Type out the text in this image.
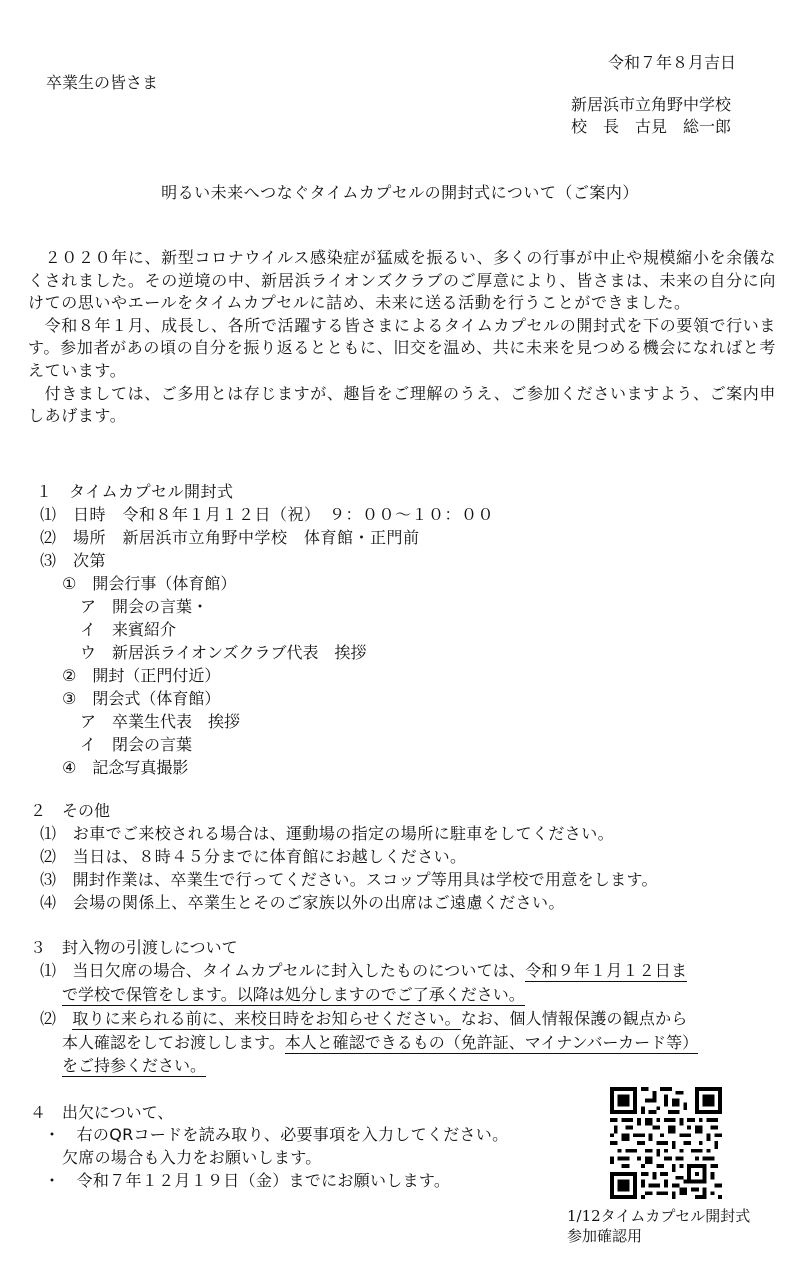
令和７年８月吉日
卒業生の皆さま
新居浜市立角野中学校
校　長　 古見　総一郎
明るい未来へつなぐタイムカプセルの開封式について（ご案内）
　２０２０年に、新型コロナウイルス感染症が猛威を振るい、多くの行事が中止や規模縮小を余儀なくされました。その逆境の中、新居浜ライオンズクラブのご厚意により、皆さまは、未来の自分に向けての思いやエールをタイムカプセルに詰め、未来に送る活動を行うことができました。
　令和８年１月、成長し、各所で活躍する皆さまによるタイムカプセルの開封式を下の要領で行います。参加者があの頃の自分を振り返るとともに、旧交を温め、共に未来を見つめる機会になればと考えています。
　付きましては、ご多用とは存じますが、趣旨をご理解のうえ、ご参加くださいますよう、ご案内申しあげます。
１　タイムカプセル開封式
⑴　日時　令和８年１月１２日（祝）　９：００～１０：００
⑵　場所　新居浜市立角野中学校　体育館・正門前
⑶　次第
①　開会行事（体育館）
ア　開会の言葉・
イ　来賓紹介
ウ　新居浜ライオンズクラブ代表　挨拶
②　開封（正門付近）
③　閉会式（体育館）
ア　卒業生代表　挨拶
イ　閉会の言葉
④　記念写真撮影
２　その他
⑴　お車でご来校される場合は、運動場の指定の場所に駐車をしてください。
⑵　当日は、８時４５分までに体育館にお越しください。
⑶　開封作業は、卒業生で行ってください。スコップ等用具は学校で用意をします。
⑷　会場の関係上、卒業生とそのご家族以外の出席はご遠慮ください。
３　封入物の引渡しについて
⑴　当日欠席の場合、タイムカプセルに封入したものについては、令和９年１月１２日ま
で学校で保管をします。以降は処分しますのでご了承ください。
⑵　取りに来られる前に、来校日時をお知らせください。なお、個人情報保護の観点から
本人確認をしてお渡しします。本人と確認できるもの（免許証、マイナンバーカード等）
をご持参ください。
４　出欠について、
・　右のQRコードを読み取り、必要事項を入力してください。
欠席の場合も入力をお願いします。
・　令和７年１２月１９日（金）までにお願いします。
1/12タイムカプセル開封式
参加確認用
